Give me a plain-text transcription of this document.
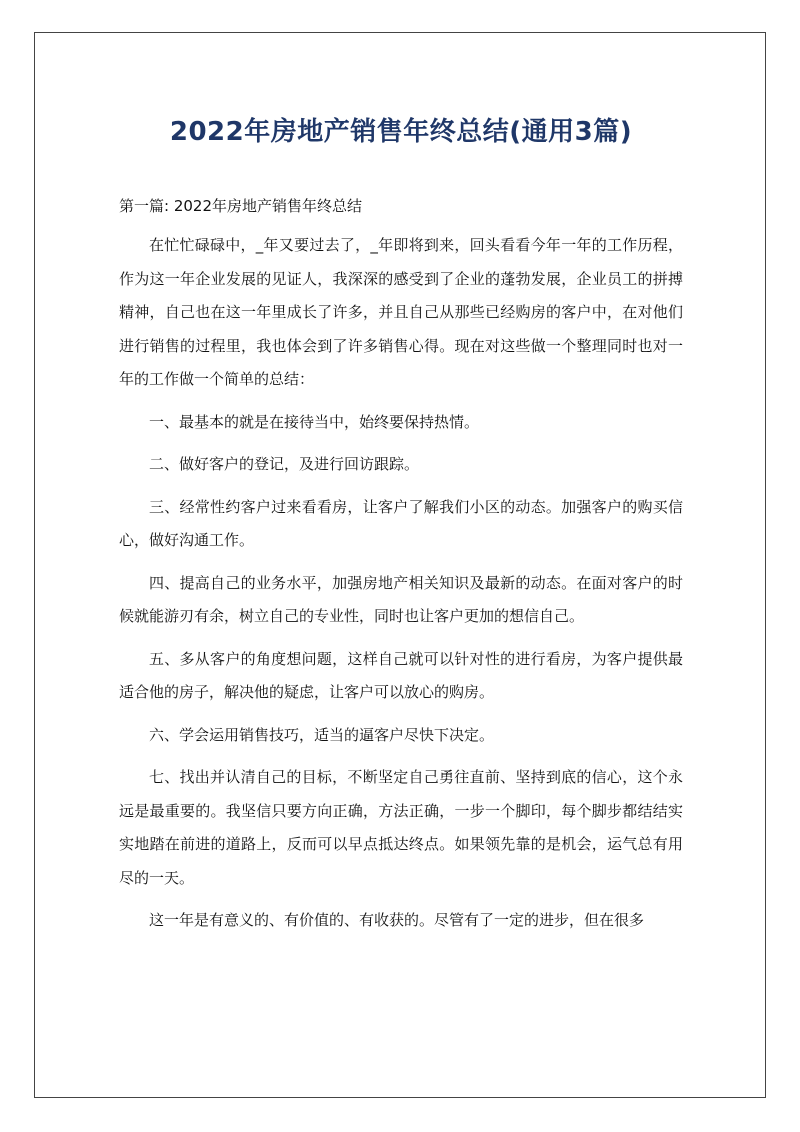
2022年房地产销售年终总结(通用3篇)
第一篇: 2022年房地产销售年终总结

在忙忙碌碌中，_年又要过去了，_年即将到来，回头看看今年一年的工作历程，作为这一年企业发展的见证人，我深深的感受到了企业的蓬勃发展，企业员工的拼搏精神，自己也在这一年里成长了许多，并且自己从那些已经购房的客户中，在对他们进行销售的过程里，我也体会到了许多销售心得。现在对这些做一个整理同时也对一年的工作做一个简单的总结：

一、最基本的就是在接待当中，始终要保持热情。

二、做好客户的登记，及进行回访跟踪。

三、经常性约客户过来看看房，让客户了解我们小区的动态。加强客户的购买信心，做好沟通工作。

四、提高自己的业务水平，加强房地产相关知识及最新的动态。在面对客户的时候就能游刃有余，树立自己的专业性，同时也让客户更加的想信自己。

五、多从客户的角度想问题，这样自己就可以针对性的进行看房，为客户提供最适合他的房子，解决他的疑虑，让客户可以放心的购房。

六、学会运用销售技巧，适当的逼客户尽快下决定。

七、找出并认清自己的目标，不断坚定自己勇往直前、坚持到底的信心，这个永远是最重要的。我坚信只要方向正确，方法正确，一步一个脚印，每个脚步都结结实实地踏在前进的道路上，反而可以早点抵达终点。如果领先靠的是机会，运气总有用尽的一天。

这一年是有意义的、有价值的、有收获的。尽管有了一定的进步，但在很多
